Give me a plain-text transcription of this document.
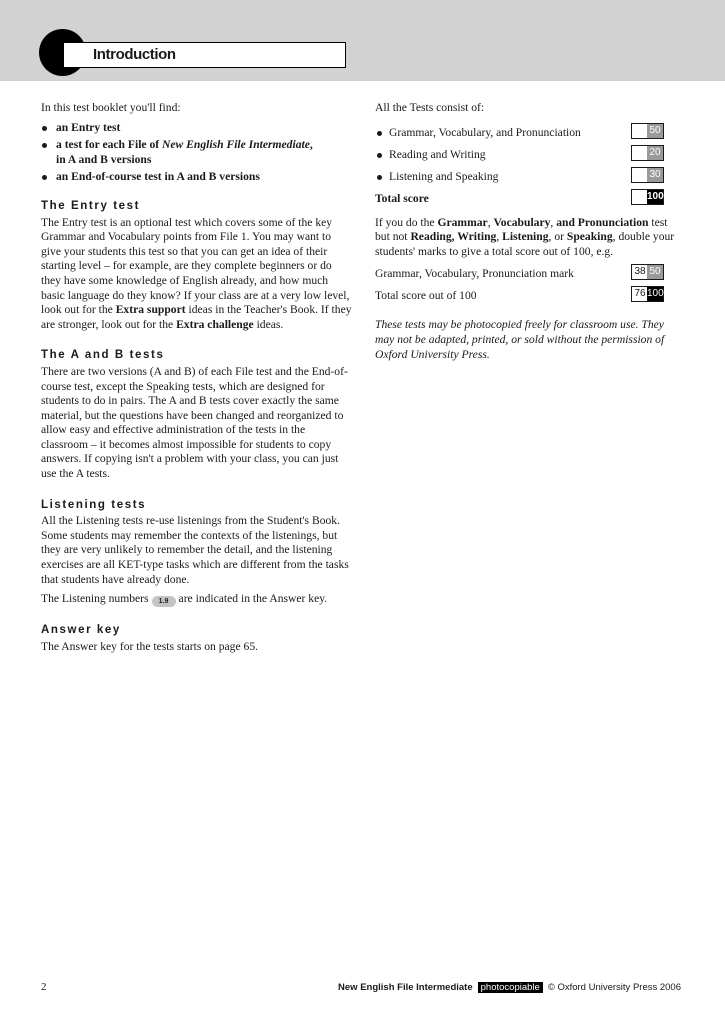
Introduction

In this test booklet you'll find:

an Entry test
a test for each File of New English File Intermediate,
in A and B versions
an End-of-course test in A and B versions
The Entry test

The Entry test is an optional test which covers some of the key Grammar and Vocabulary points from File 1. You may want to give your students this test so that you can get an idea of their starting level – for example, are they complete beginners or do they have some knowledge of English already, and how much basic language do they know? If your class are at a very low level, look out for the Extra support ideas in the Teacher's Book. If they are stronger, look out for the Extra challenge ideas.

The A and B tests

There are two versions (A and B) of each File test and the End-of-course test, except the Speaking tests, which are designed for students to do in pairs. The A and B tests cover exactly the same material, but the questions have been changed and reorganized to allow easy and effective administration of the tests in the classroom – it becomes almost impossible for students to copy answers. If copying isn't a problem with your class, you can just use the A tests.

Listening tests

All the Listening tests re-use listenings from the Student's Book. Some students may remember the contexts of the listenings, but they are very unlikely to remember the detail, and the listening exercises are all KET-type tasks which are different from the tasks that students have already done.

The Listening numbers 1.9 are indicated in the Answer key.

Answer key

The Answer key for the tests starts on page 65.

All the Tests consist of:

Grammar, Vocabulary, and Pronunciation	50
Reading and Writing	20
Listening and Speaking	30
Total score	100

If you do the Grammar, Vocabulary, and Pronunciation test but not Reading, Writing, Listening, or Speaking, double your students' marks to give a total score out of 100, e.g.

Grammar, Vocabulary, Pronunciation mark	38 50
Total score out of 100	76 100

These tests may be photocopied freely for classroom use. They may not be adapted, printed, or sold without the permission of Oxford University Press.

2	New English File Intermediate photocopiable © Oxford University Press 2006
